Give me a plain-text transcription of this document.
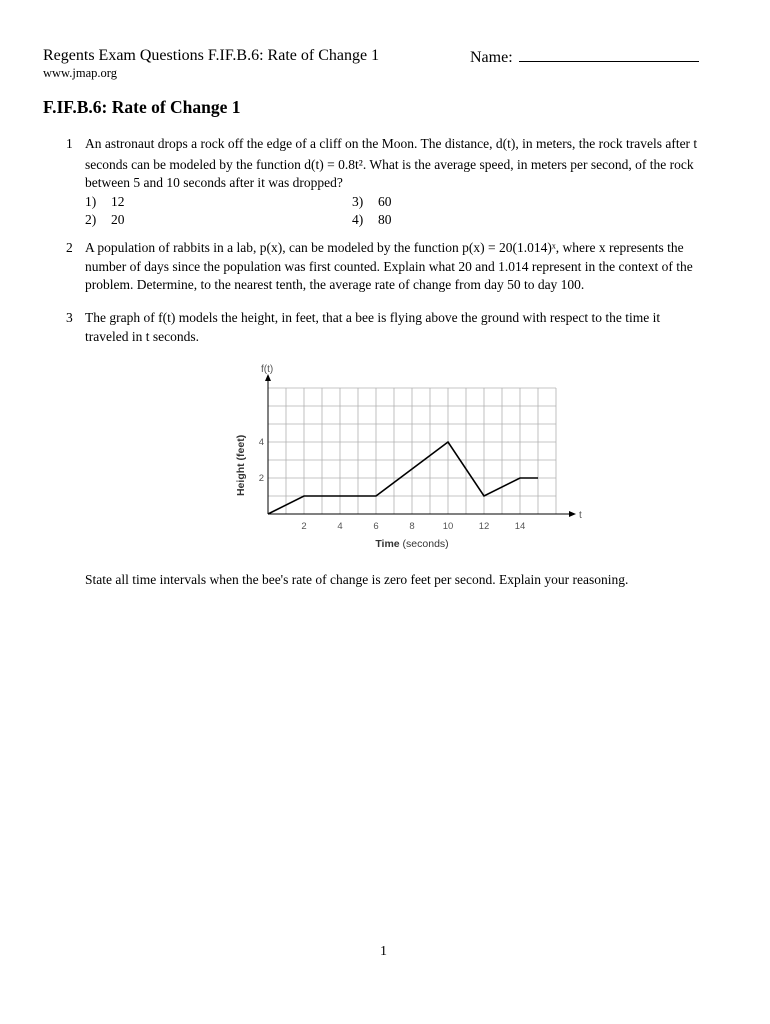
Regents Exam Questions F.IF.B.6: Rate of Change 1
www.jmap.org
Name:
F.IF.B.6: Rate of Change 1
1 An astronaut drops a rock off the edge of a cliff on the Moon. The distance, d(t), in meters, the rock travels after t
seconds can be modeled by the function d(t) = 0.8t². What is the average speed, in meters per second, of the rock
between 5 and 10 seconds after it was dropped?
1) 12	3) 60
2) 20	4) 80
2 A population of rabbits in a lab, p(x), can be modeled by the function p(x) = 20(1.014)ˣ, where x represents the
number of days since the population was first counted. Explain what 20 and 1.014 represent in the context of the
problem. Determine, to the nearest tenth, the average rate of change from day 50 to day 100.
3 The graph of f(t) models the height, in feet, that a bee is flying above the ground with respect to the time it
traveled in t seconds.
f(t)
t
2	4	6	8	10	12	14
2
4
Time (seconds)
Height (feet)
State all time intervals when the bee's rate of change is zero feet per second. Explain your reasoning.
1
